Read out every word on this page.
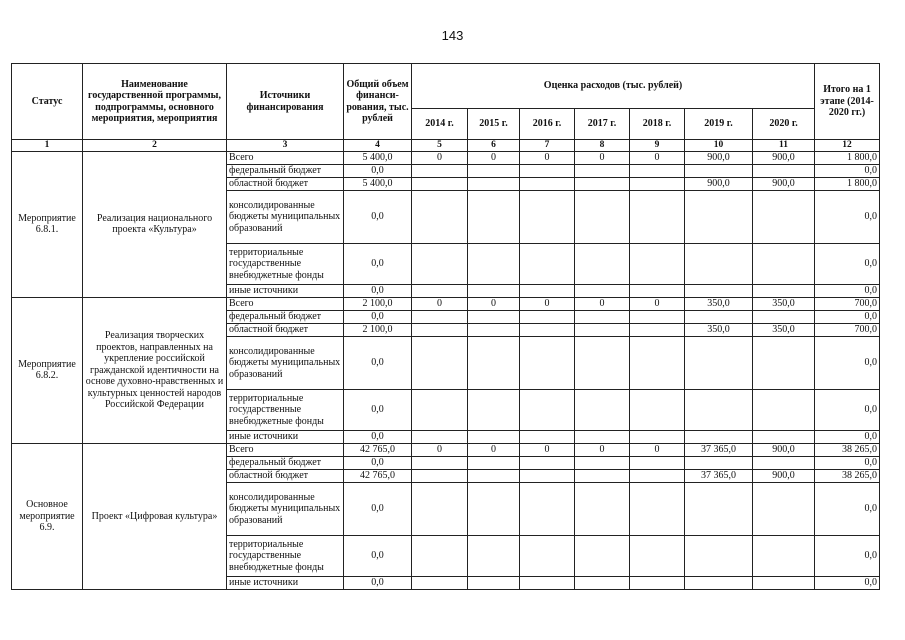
143
Статус	Наименование государственной программы, подпрограммы, основного мероприятия, мероприятия	Источники финансирования	Общий объем финанси-рования, тыс. рублей	Оценка расходов (тыс. рублей)							Итого на 1 этапе (2014-2020 гг.)
				2014 г.	2015 г.	2016 г.	2017 г.	2018 г.	2019 г.	2020 г.	
1	2	3	4	5	6	7	8	9	10	11	12
Мероприятие 6.8.1.	Реализация национального проекта «Культура»	Всего	5 400,0	0	0	0	0	0	900,0	900,0	1 800,0
		федеральный бюджет	0,0								0,0
		областной бюджет	5 400,0						900,0	900,0	1 800,0
		консолидированные бюджеты муниципальных образований	0,0								0,0
		территориальные государственные внебюджетные фонды	0,0								0,0
		иные источники	0,0								0,0
Мероприятие 6.8.2.	Реализация творческих проектов, направленных на укрепление российской гражданской идентичности на основе духовно-нравственных и культурных ценностей народов Российской Федерации	Всего	2 100,0	0	0	0	0	0	350,0	350,0	700,0
		федеральный бюджет	0,0								0,0
		областной бюджет	2 100,0						350,0	350,0	700,0
		консолидированные бюджеты муниципальных образований	0,0								0,0
		территориальные государственные внебюджетные фонды	0,0								0,0
		иные источники	0,0								0,0
Основное мероприятие 6.9.	Проект «Цифровая культура»	Всего	42 765,0	0	0	0	0	0	37 365,0	900,0	38 265,0
		федеральный бюджет	0,0								0,0
		областной бюджет	42 765,0						37 365,0	900,0	38 265,0
		консолидированные бюджеты муниципальных образований	0,0								0,0
		территориальные государственные внебюджетные фонды	0,0								0,0
		иные источники	0,0								0,0
